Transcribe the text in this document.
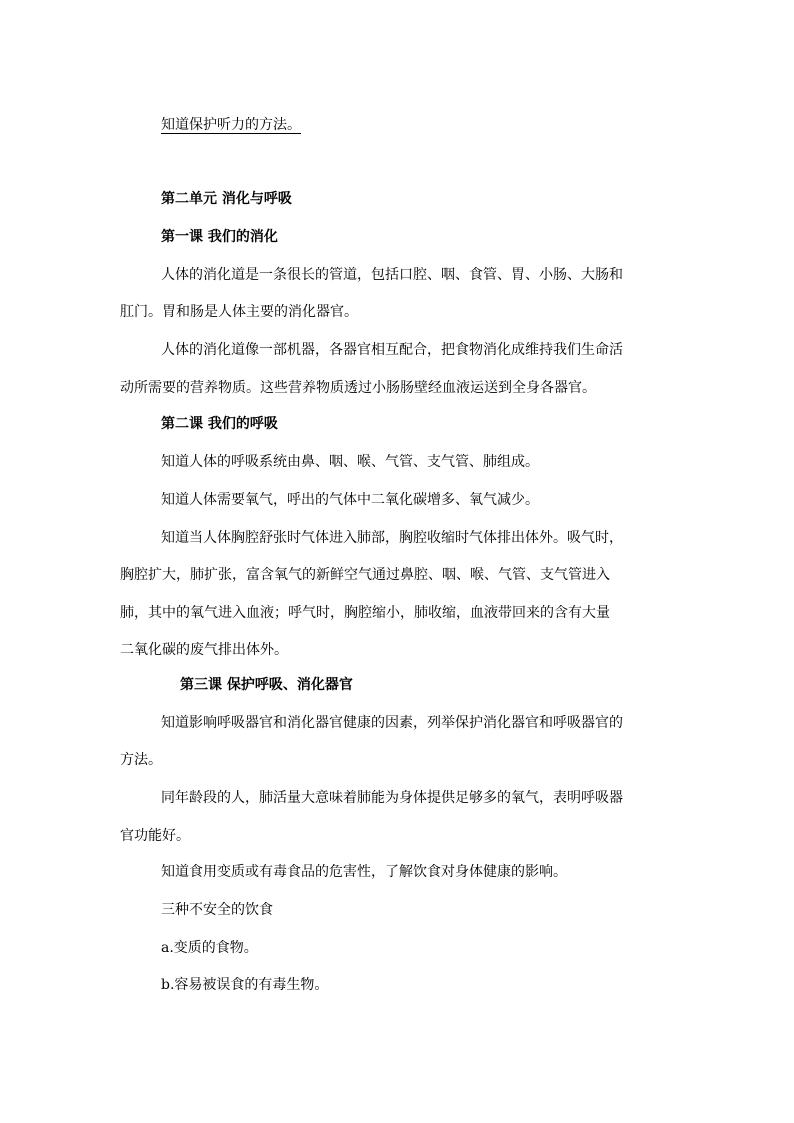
知道保护听力的方法。
第二单元 消化与呼吸
第一课 我们的消化
人体的消化道是一条很长的管道，包括口腔、咽、食管、胃、小肠、大肠和
肛门。胃和肠是人体主要的消化器官。
人体的消化道像一部机器，各器官相互配合，把食物消化成维持我们生命活
动所需要的营养物质。这些营养物质透过小肠肠壁经血液运送到全身各器官。
第二课 我们的呼吸
知道人体的呼吸系统由鼻、咽、喉、气管、支气管、肺组成。
知道人体需要氧气，呼出的气体中二氧化碳增多、氧气减少。
知道当人体胸腔舒张时气体进入肺部，胸腔收缩时气体排出体外。吸气时，
胸腔扩大，肺扩张，富含氧气的新鲜空气通过鼻腔、咽、喉、气管、支气管进入
肺，其中的氧气进入血液；呼气时，胸腔缩小，肺收缩，血液带回来的含有大量
二氧化碳的废气排出体外。
第三课 保护呼吸、消化器官
知道影响呼吸器官和消化器官健康的因素，列举保护消化器官和呼吸器官的
方法。
同年龄段的人，肺活量大意味着肺能为身体提供足够多的氧气，表明呼吸器
官功能好。
知道食用变质或有毒食品的危害性，了解饮食对身体健康的影响。
三种不安全的饮食
a.变质的食物。
b.容易被误食的有毒生物。
